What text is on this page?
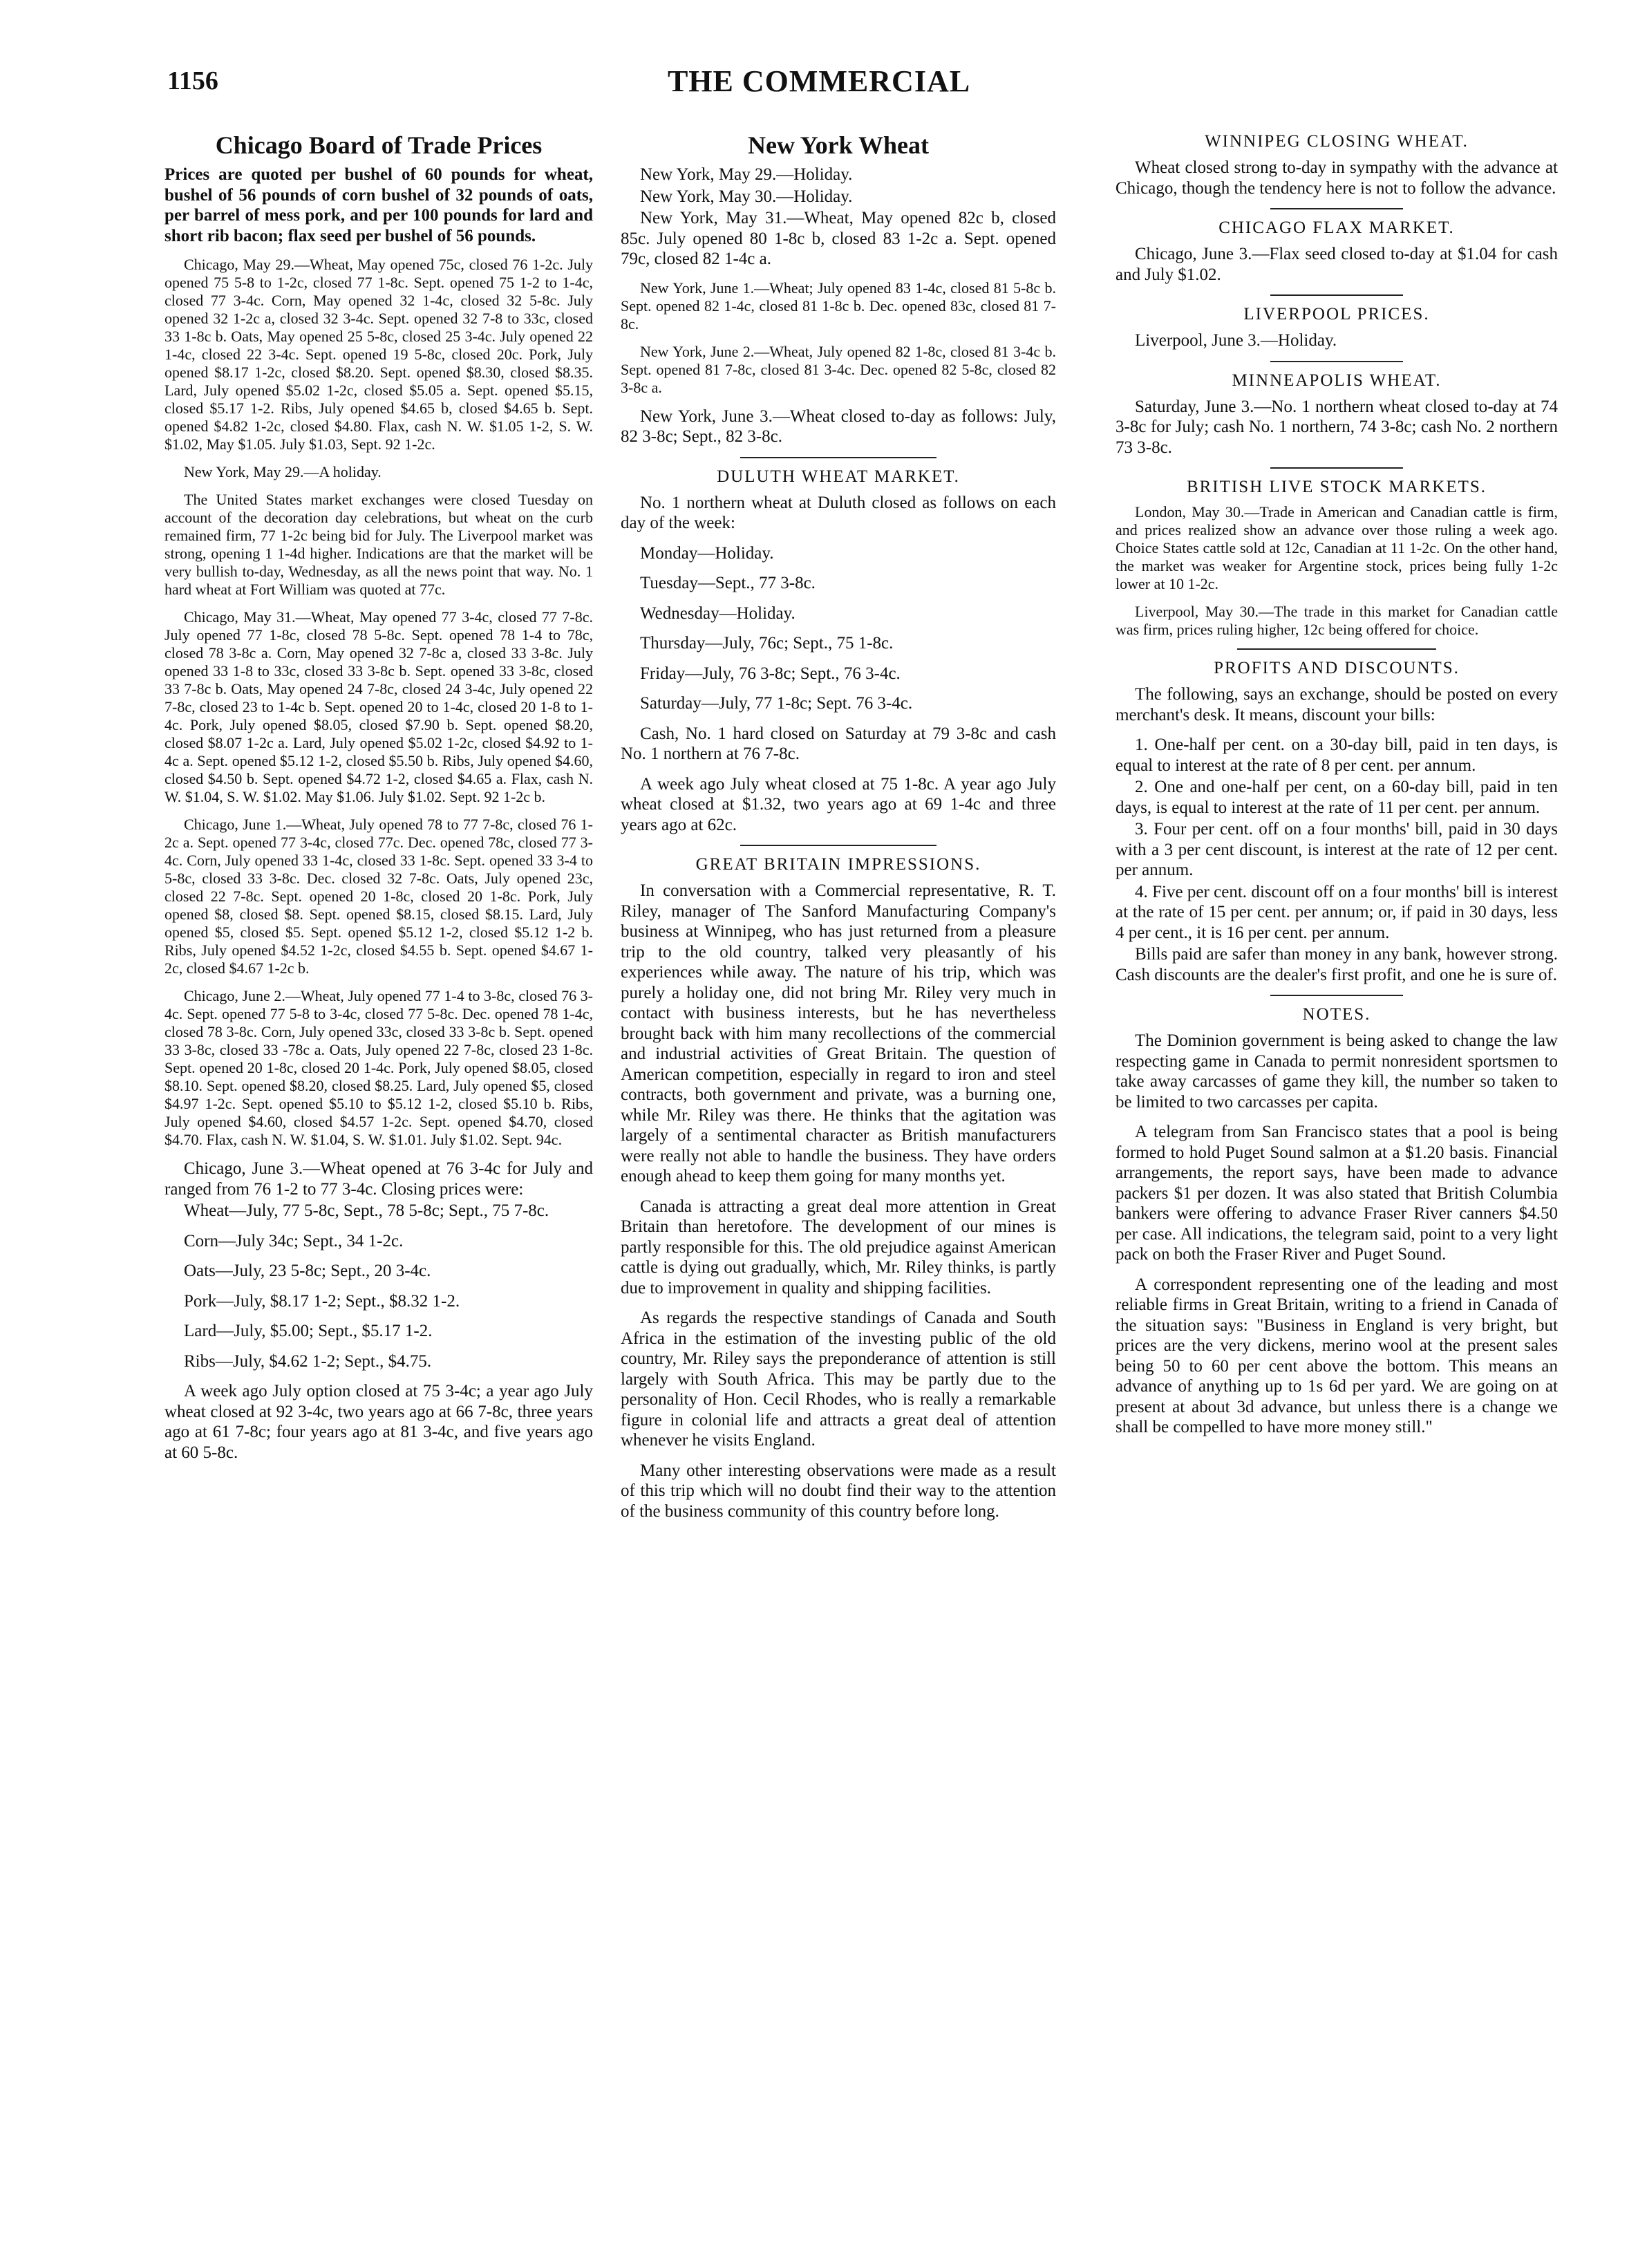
1156	THE COMMERCIAL
Chicago Board of Trade Prices

Prices are quoted per bushel of 60 pounds for wheat, bushel of 56 pounds of corn bushel of 32 pounds of oats, per barrel of mess pork, and per 100 pounds for lard and short rib bacon; flax seed per bushel of 56 pounds.

Chicago, May 29.—Wheat, May opened 75c, closed 76 1-2c. July opened 75 5-8 to 1-2c, closed 77 1-8c. Sept. opened 75 1-2 to 1-4c, closed 77 3-4c. Corn, May opened 32 1-4c, closed 32 5-8c. July opened 32 1-2c a, closed 32 3-4c. Sept. opened 32 7-8 to 33c, closed 33 1-8c b. Oats, May opened 25 5-8c, closed 25 3-4c. July opened 22 1-4c, closed 22 3-4c. Sept. opened 19 5-8c, closed 20c. Pork, July opened $8.17 1-2c, closed $8.20. Sept. opened $8.30, closed $8.35. Lard, July opened $5.02 1-2c, closed $5.05 a. Sept. opened $5.15, closed $5.17 1-2. Ribs, July opened $4.65 b, closed $4.65 b. Sept. opened $4.82 1-2c, closed $4.80. Flax, cash N. W. $1.05 1-2, S. W. $1.02, May $1.05. July $1.03, Sept. 92 1-2c.

New York, May 29.—A holiday.

The United States market exchanges were closed Tuesday on account of the decoration day celebrations, but wheat on the curb remained firm, 77 1-2c being bid for July. The Liverpool market was strong, opening 1 1-4d higher. Indications are that the market will be very bullish to-day, Wednesday, as all the news point that way. No. 1 hard wheat at Fort William was quoted at 77c.

Chicago, May 31.—Wheat, May opened 77 3-4c, closed 77 7-8c. July opened 77 1-8c, closed 78 5-8c. Sept. opened 78 1-4 to 78c, closed 78 3-8c a. Corn, May opened 32 7-8c a, closed 33 3-8c. July opened 33 1-8 to 33c, closed 33 3-8c b. Sept. opened 33 3-8c, closed 33 7-8c b. Oats, May opened 24 7-8c, closed 24 3-4c, July opened 22 7-8c, closed 23 to 1-4c b. Sept. opened 20 to 1-4c, closed 20 1-8 to 1-4c. Pork, July opened $8.05, closed $7.90 b. Sept. opened $8.20, closed $8.07 1-2c a. Lard, July opened $5.02 1-2c, closed $4.92 to 1-4c a. Sept. opened $5.12 1-2, closed $5.50 b. Ribs, July opened $4.60, closed $4.50 b. Sept. opened $4.72 1-2, closed $4.65 a. Flax, cash N. W. $1.04, S. W. $1.02. May $1.06. July $1.02. Sept. 92 1-2c b.

Chicago, June 1.—Wheat, July opened 78 to 77 7-8c, closed 76 1-2c a. Sept. opened 77 3-4c, closed 77c. Dec. opened 78c, closed 77 3-4c. Corn, July opened 33 1-4c, closed 33 1-8c. Sept. opened 33 3-4 to 5-8c, closed 33 3-8c. Dec. closed 32 7-8c. Oats, July opened 23c, closed 22 7-8c. Sept. opened 20 1-8c, closed 20 1-8c. Pork, July opened $8, closed $8. Sept. opened $8.15, closed $8.15. Lard, July opened $5, closed $5. Sept. opened $5.12 1-2, closed $5.12 1-2 b. Ribs, July opened $4.52 1-2c, closed $4.55 b. Sept. opened $4.67 1-2c, closed $4.67 1-2c b.

Chicago, June 2.—Wheat, July opened 77 1-4 to 3-8c, closed 76 3-4c. Sept. opened 77 5-8 to 3-4c, closed 77 5-8c. Dec. opened 78 1-4c, closed 78 3-8c. Corn, July opened 33c, closed 33 3-8c b. Sept. opened 33 3-8c, closed 33 -78c a. Oats, July opened 22 7-8c, closed 23 1-8c. Sept. opened 20 1-8c, closed 20 1-4c. Pork, July opened $8.05, closed $8.10. Sept. opened $8.20, closed $8.25. Lard, July opened $5, closed $4.97 1-2c. Sept. opened $5.10 to $5.12 1-2, closed $5.10 b. Ribs, July opened $4.60, closed $4.57 1-2c. Sept. opened $4.70, closed $4.70. Flax, cash N. W. $1.04, S. W. $1.01. July $1.02. Sept. 94c.

Chicago, June 3.—Wheat opened at 76 3-4c for July and ranged from 76 1-2 to 77 3-4c. Closing prices were:

Wheat—July, 77 5-8c, Sept., 78 5-8c; Sept., 75 7-8c.

Corn—July 34c; Sept., 34 1-2c.

Oats—July, 23 5-8c; Sept., 20 3-4c.

Pork—July, $8.17 1-2; Sept., $8.32 1-2.

Lard—July, $5.00; Sept., $5.17 1-2.

Ribs—July, $4.62 1-2; Sept., $4.75.

A week ago July option closed at 75 3-4c; a year ago July wheat closed at 92 3-4c, two years ago at 66 7-8c, three years ago at 61 7-8c; four years ago at 81 3-4c, and five years ago at 60 5-8c.

New York Wheat

New York, May 29.—Holiday.

New York, May 30.—Holiday.

New York, May 31.—Wheat, May opened 82c b, closed 85c. July opened 80 1-8c b, closed 83 1-2c a. Sept. opened 79c, closed 82 1-4c a.

New York, June 1.—Wheat; July opened 83 1-4c, closed 81 5-8c b. Sept. opened 82 1-4c, closed 81 1-8c b. Dec. opened 83c, closed 81 7-8c.

New York, June 2.—Wheat, July opened 82 1-8c, closed 81 3-4c b. Sept. opened 81 7-8c, closed 81 3-4c. Dec. opened 82 5-8c, closed 82 3-8c a.

New York, June 3.—Wheat closed to-day as follows: July, 82 3-8c; Sept., 82 3-8c.

DULUTH WHEAT MARKET.

No. 1 northern wheat at Duluth closed as follows on each day of the week:

Monday—Holiday.

Tuesday—Sept., 77 3-8c.

Wednesday—Holiday.

Thursday—July, 76c; Sept., 75 1-8c.

Friday—July, 76 3-8c; Sept., 76 3-4c.

Saturday—July, 77 1-8c; Sept. 76 3-4c.

Cash, No. 1 hard closed on Saturday at 79 3-8c and cash No. 1 northern at 76 7-8c.

A week ago July wheat closed at 75 1-8c. A year ago July wheat closed at $1.32, two years ago at 69 1-4c and three years ago at 62c.

GREAT BRITAIN IMPRESSIONS.

In conversation with a Commercial representative, R. T. Riley, manager of The Sanford Manufacturing Company's business at Winnipeg, who has just returned from a pleasure trip to the old country, talked very pleasantly of his experiences while away. The nature of his trip, which was purely a holiday one, did not bring Mr. Riley very much in contact with business interests, but he has nevertheless brought back with him many recollections of the commercial and industrial activities of Great Britain. The question of American competition, especially in regard to iron and steel contracts, both government and private, was a burning one, while Mr. Riley was there. He thinks that the agitation was largely of a sentimental character as British manufacturers were really not able to handle the business. They have orders enough ahead to keep them going for many months yet.

Canada is attracting a great deal more attention in Great Britain than heretofore. The development of our mines is partly responsible for this. The old prejudice against American cattle is dying out gradually, which, Mr. Riley thinks, is partly due to improvement in quality and shipping facilities.

As regards the respective standings of Canada and South Africa in the estimation of the investing public of the old country, Mr. Riley says the preponderance of attention is still largely with South Africa. This may be partly due to the personality of Hon. Cecil Rhodes, who is really a remarkable figure in colonial life and attracts a great deal of attention whenever he visits England.

Many other interesting observations were made as a result of this trip which will no doubt find their way to the attention of the business community of this country before long.

WINNIPEG CLOSING WHEAT.

Wheat closed strong to-day in sympathy with the advance at Chicago, though the tendency here is not to follow the advance.

CHICAGO FLAX MARKET.

Chicago, June 3.—Flax seed closed to-day at $1.04 for cash and July $1.02.

LIVERPOOL PRICES.

Liverpool, June 3.—Holiday.

MINNEAPOLIS WHEAT.

Saturday, June 3.—No. 1 northern wheat closed to-day at 74 3-8c for July; cash No. 1 northern, 74 3-8c; cash No. 2 northern 73 3-8c.

BRITISH LIVE STOCK MARKETS.

London, May 30.—Trade in American and Canadian cattle is firm, and prices realized show an advance over those ruling a week ago. Choice States cattle sold at 12c, Canadian at 11 1-2c. On the other hand, the market was weaker for Argentine stock, prices being fully 1-2c lower at 10 1-2c.

Liverpool, May 30.—The trade in this market for Canadian cattle was firm, prices ruling higher, 12c being offered for choice.

PROFITS AND DISCOUNTS.

The following, says an exchange, should be posted on every merchant's desk. It means, discount your bills:

1. One-half per cent. on a 30-day bill, paid in ten days, is equal to interest at the rate of 8 per cent. per annum.

2. One and one-half per cent, on a 60-day bill, paid in ten days, is equal to interest at the rate of 11 per cent. per annum.

3. Four per cent. off on a four months' bill, paid in 30 days with a 3 per cent discount, is interest at the rate of 12 per cent. per annum.

4. Five per cent. discount off on a four months' bill is interest at the rate of 15 per cent. per annum; or, if paid in 30 days, less 4 per cent., it is 16 per cent. per annum.

Bills paid are safer than money in any bank, however strong. Cash discounts are the dealer's first profit, and one he is sure of.

NOTES.

The Dominion government is being asked to change the law respecting game in Canada to permit nonresident sportsmen to take away carcasses of game they kill, the number so taken to be limited to two carcasses per capita.

A telegram from San Francisco states that a pool is being formed to hold Puget Sound salmon at a $1.20 basis. Financial arrangements, the report says, have been made to advance packers $1 per dozen. It was also stated that British Columbia bankers were offering to advance Fraser River canners $4.50 per case. All indications, the telegram said, point to a very light pack on both the Fraser River and Puget Sound.

A correspondent representing one of the leading and most reliable firms in Great Britain, writing to a friend in Canada of the situation says: "Business in England is very bright, but prices are the very dickens, merino wool at the present sales being 50 to 60 per cent above the bottom. This means an advance of anything up to 1s 6d per yard. We are going on at present at about 3d advance, but unless there is a change we shall be compelled to have more money still."
